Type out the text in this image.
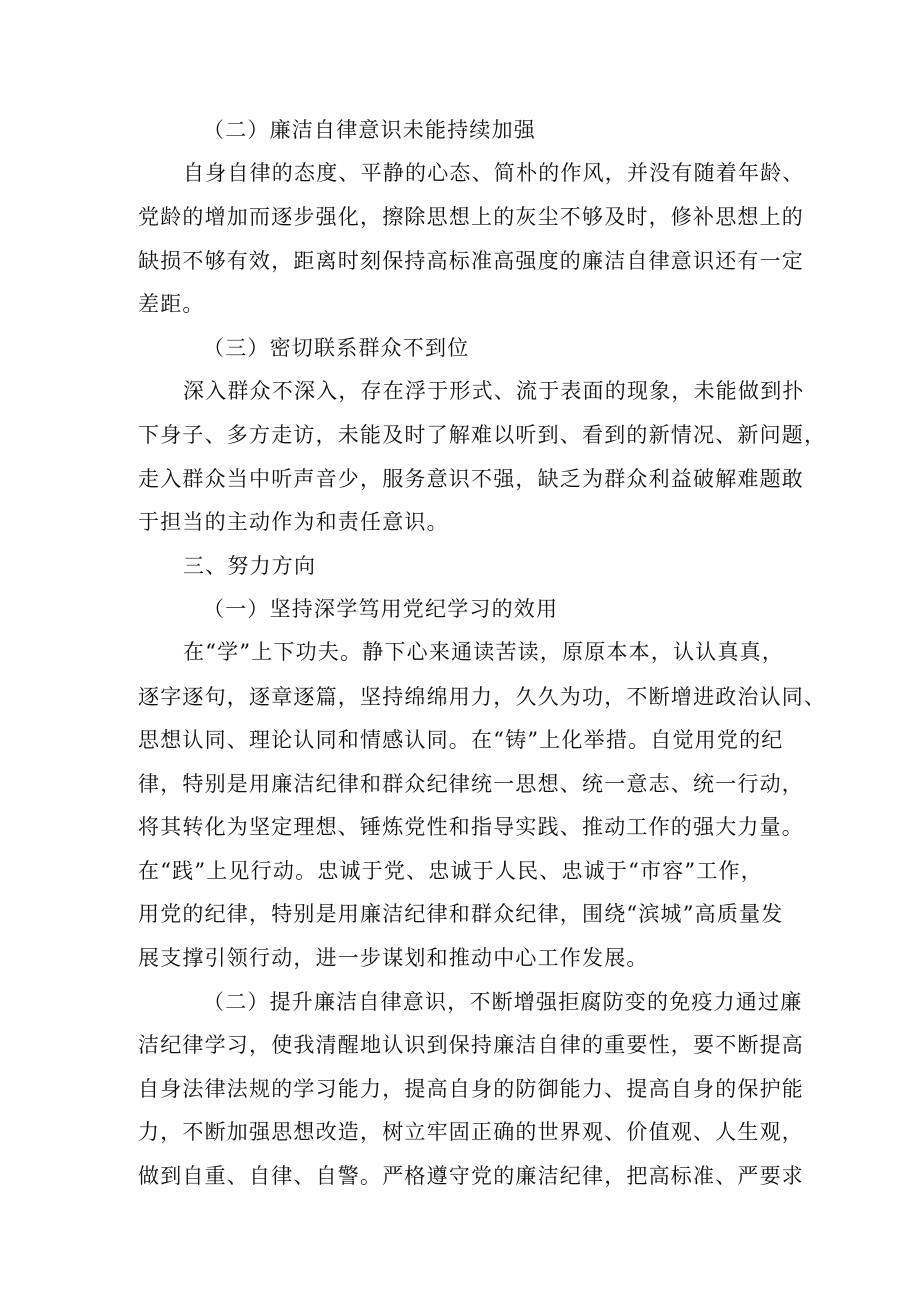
（二）廉洁自律意识未能持续加强
自身自律的态度、平静的心态、简朴的作风，并没有随着年龄、
党龄的增加而逐步强化，擦除思想上的灰尘不够及时，修补思想上的
缺损不够有效，距离时刻保持高标准高强度的廉洁自律意识还有一定
差距。
（三）密切联系群众不到位
深入群众不深入，存在浮于形式、流于表面的现象，未能做到扑
下身子、多方走访，未能及时了解难以听到、看到的新情况、新问题，
走入群众当中听声音少，服务意识不强，缺乏为群众利益破解难题敢
于担当的主动作为和责任意识。
三、努力方向
（一）坚持深学笃用党纪学习的效用
在“学”上下功夫。静下心来通读苦读，原原本本，认认真真，
逐字逐句，逐章逐篇，坚持绵绵用力，久久为功，不断增进政治认同、
思想认同、理论认同和情感认同。在“铸”上化举措。自觉用党的纪
律，特别是用廉洁纪律和群众纪律统一思想、统一意志、统一行动，
将其转化为坚定理想、锤炼党性和指导实践、推动工作的强大力量。
在“践”上见行动。忠诚于党、忠诚于人民、忠诚于“市容”工作，
用党的纪律，特别是用廉洁纪律和群众纪律，围绕“滨城”高质量发
展支撑引领行动，进一步谋划和推动中心工作发展。
（二）提升廉洁自律意识，不断增强拒腐防变的免疫力通过廉
洁纪律学习，使我清醒地认识到保持廉洁自律的重要性，要不断提高
自身法律法规的学习能力，提高自身的防御能力、提高自身的保护能
力，不断加强思想改造，树立牢固正确的世界观、价值观、人生观，
做到自重、自律、自警。严格遵守党的廉洁纪律，把高标准、严要求
